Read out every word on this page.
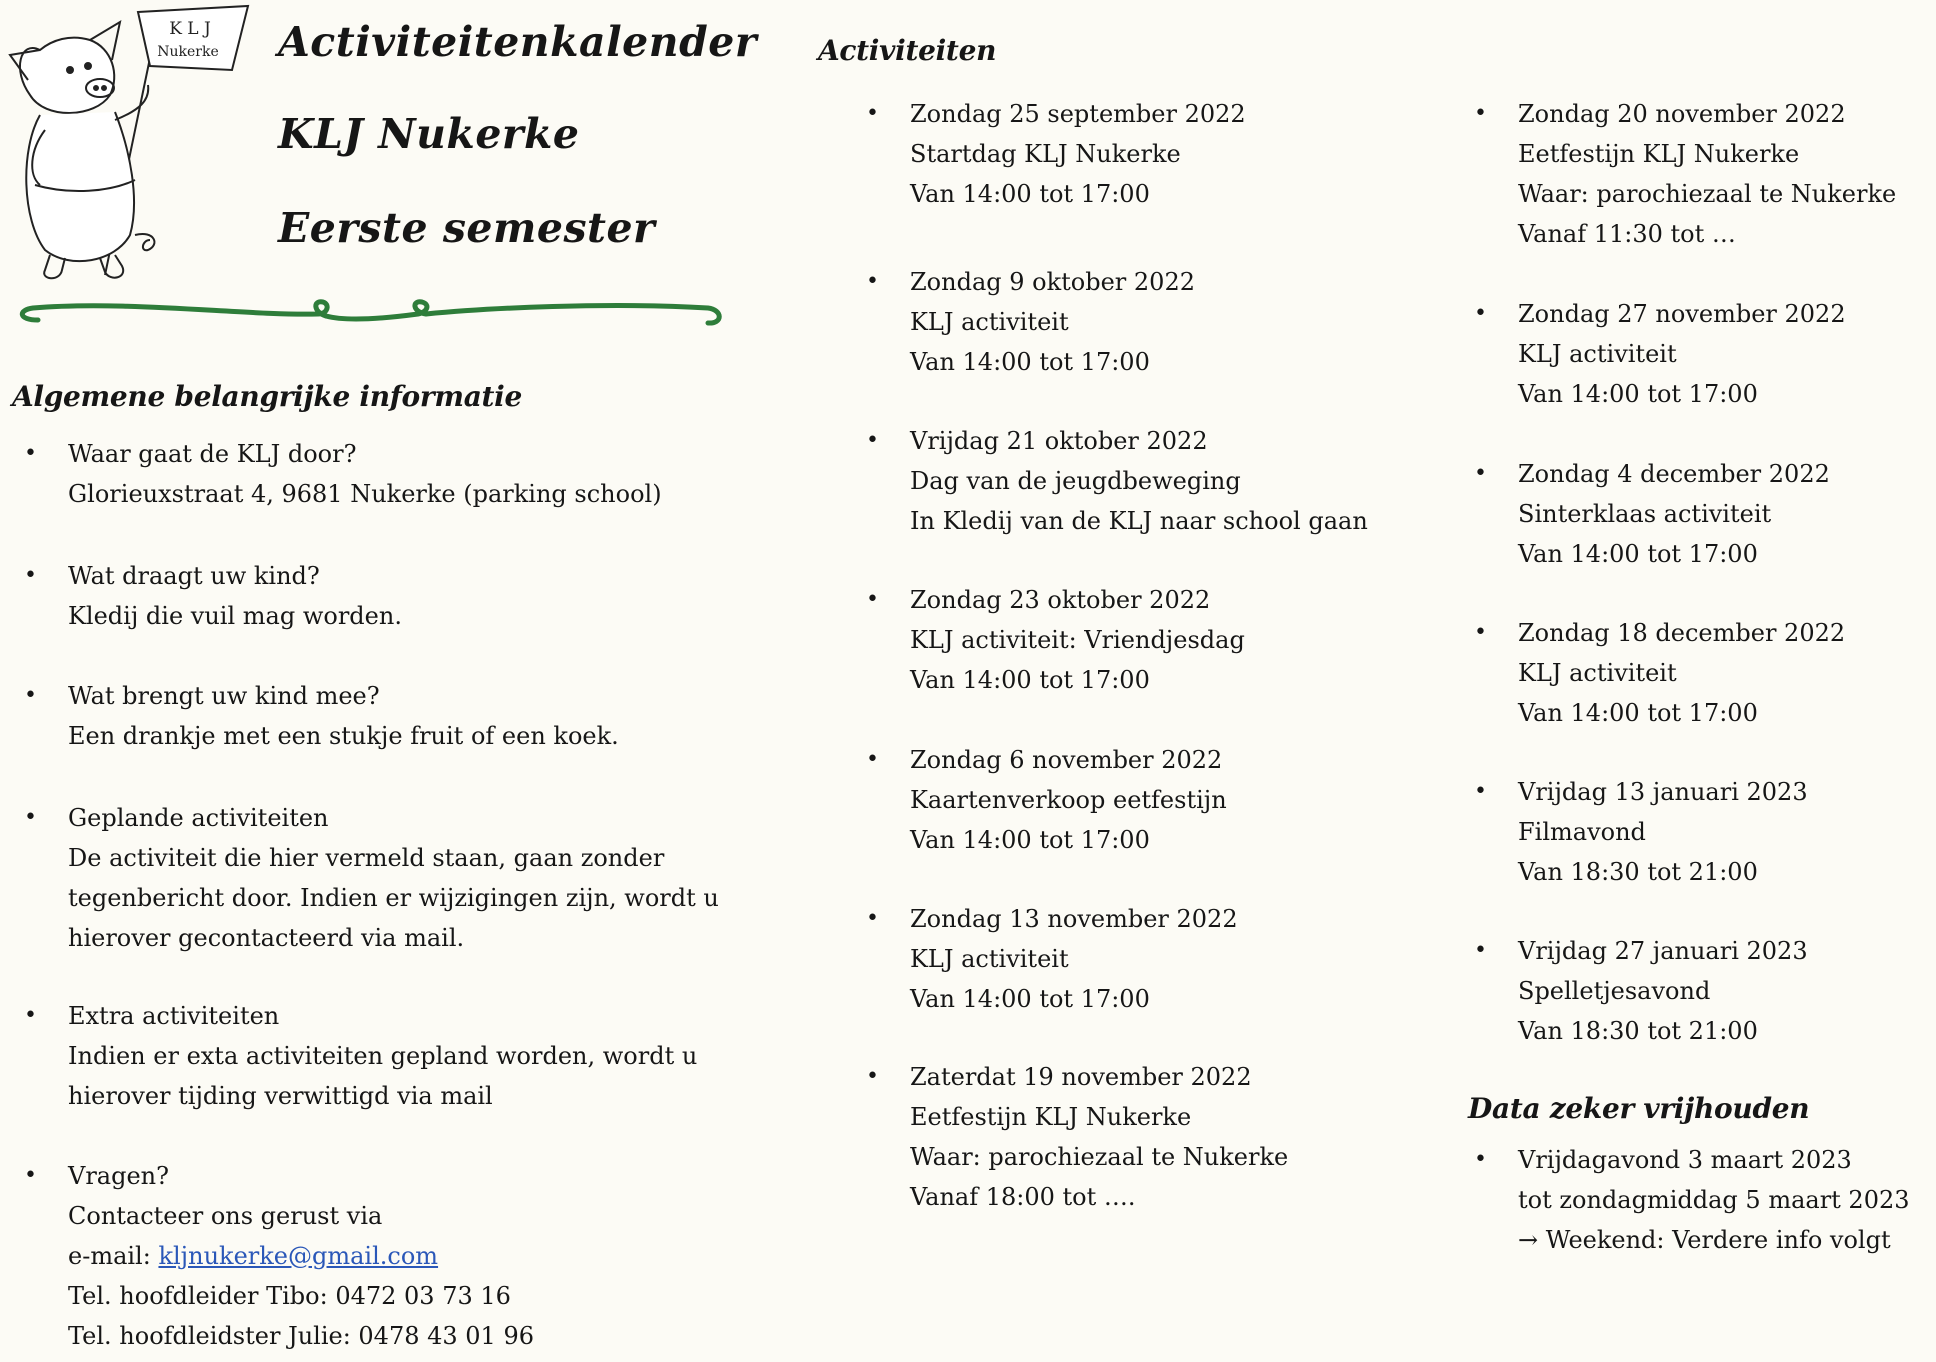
K L J
Nukerke Activiteitenkalender
KLJ Nukerke
Eerste semester
Algemene belangrijke informatie
• Waar gaat de KLJ door?
Glorieuxstraat 4, 9681 Nukerke (parking school)
• Wat draagt uw kind?
Kledij die vuil mag worden.
• Wat brengt uw kind mee?
Een drankje met een stukje fruit of een koek.
• Geplande activiteiten
De activiteit die hier vermeld staan, gaan zonder
tegenbericht door. Indien er wijzigingen zijn, wordt u
hierover gecontacteerd via mail.
• Extra activiteiten
Indien er exta activiteiten gepland worden, wordt u
hierover tijding verwittigd via mail
• Vragen?
Contacteer ons gerust via
e-mail: kljnukerke@gmail.com
Tel. hoofdleider Tibo: 0472 03 73 16
Tel. hoofdleidster Julie: 0478 43 01 96
Activiteiten
• Zondag 25 september 2022
Startdag KLJ Nukerke
Van 14:00 tot 17:00
• Zondag 9 oktober 2022
KLJ activiteit
Van 14:00 tot 17:00
• Vrijdag 21 oktober 2022
Dag van de jeugdbeweging
In Kledij van de KLJ naar school gaan
• Zondag 23 oktober 2022
KLJ activiteit: Vriendjesdag
Van 14:00 tot 17:00
• Zondag 6 november 2022
Kaartenverkoop eetfestijn
Van 14:00 tot 17:00
• Zondag 13 november 2022
KLJ activiteit
Van 14:00 tot 17:00
• Zaterdat 19 november 2022
Eetfestijn KLJ Nukerke
Waar: parochiezaal te Nukerke
Vanaf 18:00 tot ….
• Zondag 20 november 2022
Eetfestijn KLJ Nukerke
Waar: parochiezaal te Nukerke
Vanaf 11:30 tot …
• Zondag 27 november 2022
KLJ activiteit
Van 14:00 tot 17:00
• Zondag 4 december 2022
Sinterklaas activiteit
Van 14:00 tot 17:00
• Zondag 18 december 2022
KLJ activiteit
Van 14:00 tot 17:00
• Vrijdag 13 januari 2023
Filmavond
Van 18:30 tot 21:00
• Vrijdag 27 januari 2023
Spelletjesavond
Van 18:30 tot 21:00
Data zeker vrijhouden
• Vrijdagavond 3 maart 2023
tot zondagmiddag 5 maart 2023
→ Weekend: Verdere info volgt
